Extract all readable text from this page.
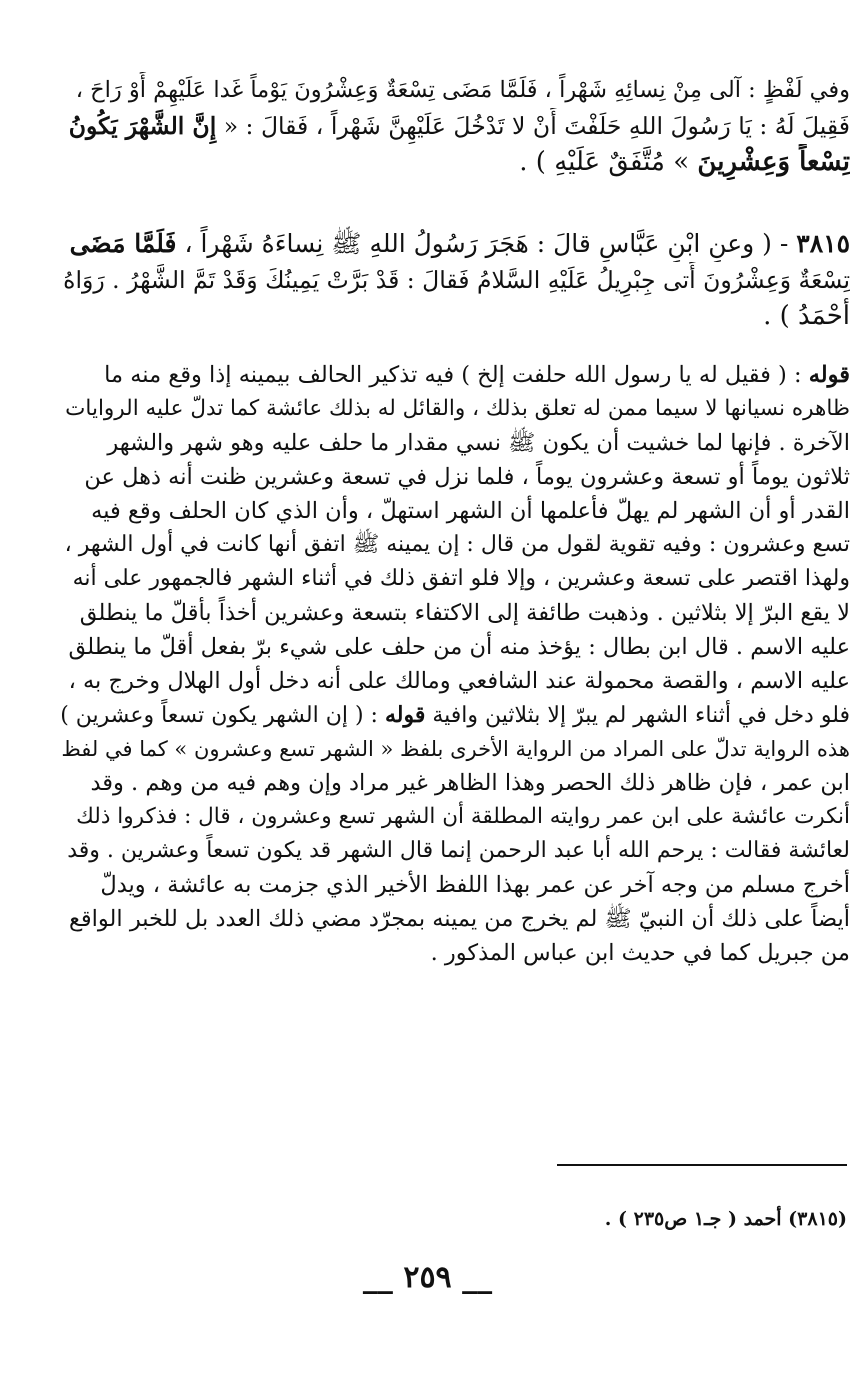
وفي لَفْظٍ : آلى مِنْ نِسائِهِ شَهْراً ، فَلَمَّا مَضَى تِسْعَةٌ وَعِشْرُونَ يَوْماً غَدا عَلَيْهِمْ أَوْ رَاحَ ،
فَقِيلَ لَهُ : يَا رَسُولَ اللهِ حَلَفْتَ أَنْ لا تَدْخُلَ عَلَيْهِنَّ شَهْراً ، فَقالَ : « إِنَّ الشَّهْرَ يَكُونُ
تِسْعاً وَعِشْرِينَ » مُتَّفَقٌ عَلَيْهِ ) .
٣٨١٥ - ( وعنِ ابْنِ عَبَّاسٍ قالَ : هَجَرَ رَسُولُ اللهِ ﷺ نِساءَهُ شَهْراً ، فَلَمَّا مَضَى
تِسْعَةٌ وَعِشْرُونَ أَتى جِبْرِيلُ عَلَيْهِ السَّلامُ فَقالَ : قَدْ بَرَّتْ يَمِينُكَ وَقَدْ تَمَّ الشَّهْرُ . رَوَاهُ
أَحْمَدُ ) .
قوله : ( فقيل له يا رسول الله حلفت إلخ ) فيه تذكير الحالف بيمينه إذا وقع منه ما
ظاهره نسيانها لا سيما ممن له تعلق بذلك ، والقائل له بذلك عائشة كما تدلّ عليه الروايات
الآخرة . فإنها لما خشيت أن يكون ﷺ نسي مقدار ما حلف عليه وهو شهر والشهر
ثلاثون يوماً أو تسعة وعشرون يوماً ، فلما نزل في تسعة وعشرين ظنت أنه ذهل عن
القدر أو أن الشهر لم يهلّ فأعلمها أن الشهر استهلّ ، وأن الذي كان الحلف وقع فيه
تسع وعشرون : وفيه تقوية لقول من قال : إن يمينه ﷺ اتفق أنها كانت في أول الشهر ،
ولهذا اقتصر على تسعة وعشرين ، وإلا فلو اتفق ذلك في أثناء الشهر فالجمهور على أنه
لا يقع البرّ إلا بثلاثين . وذهبت طائفة إلى الاكتفاء بتسعة وعشرين أخذاً بأقلّ ما ينطلق
عليه الاسم . قال ابن بطال : يؤخذ منه أن من حلف على شيء برّ بفعل أقلّ ما ينطلق
عليه الاسم ، والقصة محمولة عند الشافعي ومالك على أنه دخل أول الهلال وخرج به ،
فلو دخل في أثناء الشهر لم يبرّ إلا بثلاثين وافية قوله : ( إن الشهر يكون تسعاً وعشرين )
هذه الرواية تدلّ على المراد من الرواية الأخرى بلفظ « الشهر تسع وعشرون » كما في لفظ
ابن عمر ، فإن ظاهر ذلك الحصر وهذا الظاهر غير مراد وإن وهم فيه من وهم . وقد
أنكرت عائشة على ابن عمر روايته المطلقة أن الشهر تسع وعشرون ، قال : فذكروا ذلك
لعائشة فقالت : يرحم الله أبا عبد الرحمن إنما قال الشهر قد يكون تسعاً وعشرين . وقد
أخرج مسلم من وجه آخر عن عمر بهذا اللفظ الأخير الذي جزمت به عائشة ، ويدلّ
أيضاً على ذلك أن النبيّ ﷺ لم يخرج من يمينه بمجرّد مضي ذلك العدد بل للخبر الواقع
من جبريل كما في حديث ابن عباس المذكور .
(٣٨١٥) أحمد ( جـ١ ص٢٣٥ ) .
__ ٢٥٩ __
